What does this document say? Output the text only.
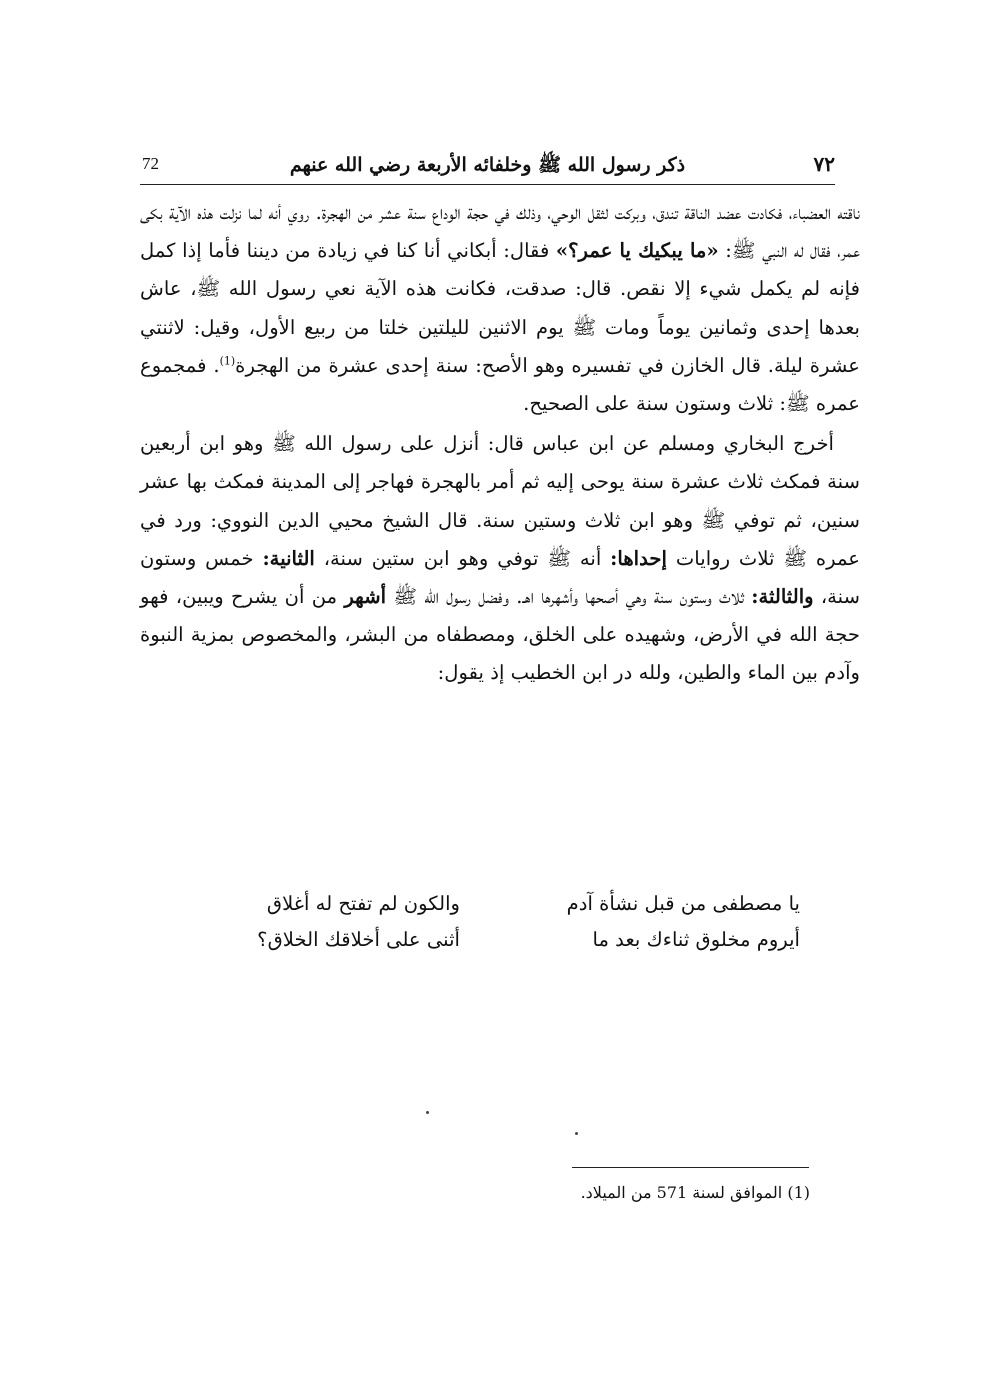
٧٢
ذكر رسول الله ﷺ وخلفائه الأربعة رضي الله عنهم
72

ناقته العضباء، فكادت عضد الناقة تندق، وبركت لثقل الوحي، وذلك في حجة الوداع سنة عشر من الهجرة. روي أنه لما نزلت هذه الآية بكى عمر، فقال له النبي ﷺ: «ما يبكيك يا عمر؟» فقال: أبكاني أنا كنا في زيادة من ديننا فأما إذا كمل فإنه لم يكمل شيء إلا نقص. قال: صدقت، فكانت هذه الآية نعي رسول الله ﷺ، عاش بعدها إحدى وثمانين يوماً ومات ﷺ يوم الاثنين لليلتين خلتا من ربيع الأول، وقيل: لاثنتي عشرة ليلة. قال الخازن في تفسيره وهو الأصح: سنة إحدى عشرة من الهجرة$^{(1)}$. فمجموع عمره ﷺ: ثلاث وستون سنة على الصحيح.

أخرج البخاري ومسلم عن ابن عباس قال: أنزل على رسول الله ﷺ وهو ابن أربعين سنة فمكث ثلاث عشرة سنة يوحى إليه ثم أمر بالهجرة فهاجر إلى المدينة فمكث بها عشر سنين، ثم توفي ﷺ وهو ابن ثلاث وستين سنة. قال الشيخ محيي الدين النووي: ورد في عمره ﷺ ثلاث روايات إحداها: أنه ﷺ توفي وهو ابن ستين سنة، الثانية: خمس وستون سنة، والثالثة: ثلاث وستون سنة وهي أصحها وأشهرها اهـ. وفضل رسول الله ﷺ أشهر من أن يشرح ويبين، فهو حجة الله في الأرض، وشهيده على الخلق، ومصطفاه من البشر، والمخصوص بمزية النبوة وآدم بين الماء والطين، ولله در ابن الخطيب إذ يقول:

يا مصطفى من قبل نشأة آدم
والكون لم تفتح له أغلاق
أيروم مخلوق ثناءك بعد ما
أثنى على أخلاقك الخلاق؟
(1) الموافق لسنة 571 من الميلاد.
